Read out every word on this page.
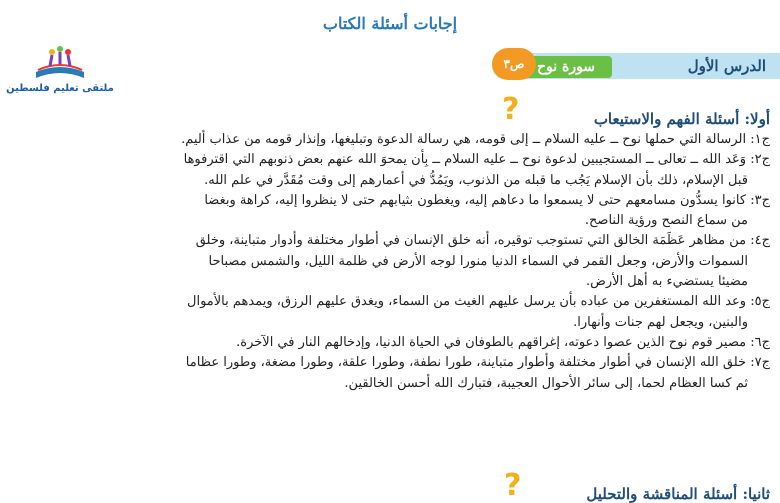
إجابات أسئلة الكتاب
ملتقى تعليم فلسطين
الدرس الأول
سورة نوح
ص٣
?	أولا: أسئلة الفهم والاستيعاب

ج١: الرسالة التي حملها نوح ــ عليه السلام ــ إلى قومه، هي رسالة الدعوة وتبليغها، وإنذار قومه من عذاب أليم.

ج٢: وَعَد الله ــ تعالى ــ المستجيبين لدعوة نوح ــ عليه السلام ــ بِأن يمحوَ الله عنهم بعض ذنوبهم التي اقترفوها
قبل الإسلام، ذلك بأن الإسلام يَجُب ما قبله من الذنوب، ويَمُدُّ في أعمارهم إلى وقت مُقَدَّر في علم الله.

ج٣: كانوا يسدُّون مسامعهم حتى لا يسمعوا ما دعاهم إليه، ويغطون بثيابهم حتى لا ينظروا إليه، كراهة وبغضا
من سماع النصح ورؤية الناصح.

ج٤: من مظاهر عَظَمَة الخالق التي تستوجب توقيره، أنه خلق الإنسان في أطوار مختلفة وأدوار متباينة، وخلق
السموات والأرض، وجعل القمر في السماء الدنيا منورا لوجه الأرض في ظلمة الليل، والشمس مصباحا
مضيئا يستضيء به أهل الأرض.

ج٥: وعد الله المستغفرين من عباده بأن يرسل عليهم الغيث من السماء، ويغدق عليهم الرزق، ويمدهم بالأموال
والبنين، ويجعل لهم جنات وأنهارا.

ج٦: مصير قوم نوح الذين عصوا دعوته، إغراقهم بالطوفان في الحياة الدنيا، وإدخالهم النار في الآخرة.

ج٧: خلق الله الإنسان في أطوار مختلفة وأطوار متباينة، طورا نطفة، وطورا علقة، وطورا مضغة، وطورا عظاما
ثم كسا العظام لحما، إلى سائر الأحوال العجيبة، فتبارك الله أحسن الخالقين.

?	ثانيا: أسئلة المناقشة والتحليل
